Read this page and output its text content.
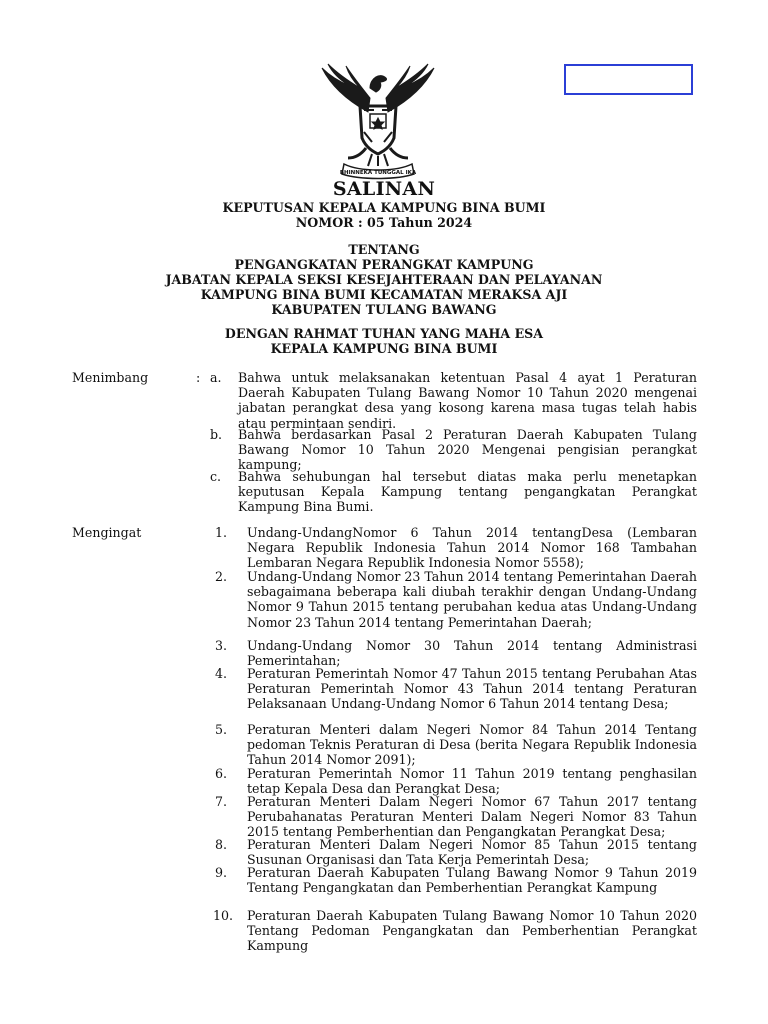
BHINNEKA TUNGGAL IKA
SALINAN
KEPUTUSAN KEPALA KAMPUNG BINA BUMI
NOMOR : 05 Tahun 2024
TENTANG
PENGANGKATAN PERANGKAT KAMPUNG
JABATAN KEPALA SEKSI KESEJAHTERAAN DAN PELAYANAN
KAMPUNG BINA BUMI KECAMATAN MERAKSA AJI
KABUPATEN TULANG BAWANG
DENGAN RAHMAT TUHAN YANG MAHA ESA
KEPALA KAMPUNG BINA BUMI
Menimbang	: a. Bahwa untuk melaksanakan ketentuan Pasal 4 ayat 1 Peraturan Daerah Kabupaten Tulang Bawang Nomor 10 Tahun 2020 mengenai jabatan perangkat desa yang kosong karena masa tugas telah habis atau permintaan sendiri.
b. Bahwa berdasarkan Pasal 2 Peraturan Daerah Kabupaten Tulang Bawang Nomor 10 Tahun 2020 Mengenai pengisian perangkat kampung;
c. Bahwa sehubungan hal tersebut diatas maka perlu menetapkan keputusan Kepala Kampung tentang pengangkatan Perangkat Kampung Bina Bumi.
Mengingat	1. Undang-UndangNomor 6 Tahun 2014 tentangDesa (Lembaran Negara Republik Indonesia Tahun 2014 Nomor 168 Tambahan Lembaran Negara Republik Indonesia Nomor 5558);
2. Undang-Undang Nomor 23 Tahun 2014 tentang Pemerintahan Daerah sebagaimana beberapa kali diubah terakhir dengan Undang-Undang Nomor 9 Tahun 2015 tentang perubahan kedua atas Undang-Undang Nomor 23 Tahun 2014 tentang Pemerintahan Daerah;
3. Undang-Undang Nomor 30 Tahun 2014 tentang Administrasi Pemerintahan;
4. Peraturan Pemerintah Nomor 47 Tahun 2015 tentang Perubahan Atas Peraturan Pemerintah Nomor 43 Tahun 2014 tentang Peraturan Pelaksanaan Undang-Undang Nomor 6 Tahun 2014 tentang Desa;
5. Peraturan Menteri dalam Negeri Nomor 84 Tahun 2014 Tentang pedoman Teknis Peraturan di Desa (berita Negara Republik Indonesia Tahun 2014 Nomor 2091);
6. Peraturan Pemerintah Nomor 11 Tahun 2019 tentang penghasilan tetap Kepala Desa dan Perangkat Desa;
7. Peraturan Menteri Dalam Negeri Nomor 67 Tahun 2017 tentang Perubahanatas Peraturan Menteri Dalam Negeri Nomor 83 Tahun 2015 tentang Pemberhentian dan Pengangkatan Perangkat Desa;
8. Peraturan Menteri Dalam Negeri Nomor 85 Tahun 2015 tentang Susunan Organisasi dan Tata Kerja Pemerintah Desa;
9. Peraturan Daerah Kabupaten Tulang Bawang Nomor 9 Tahun 2019 Tentang Pengangkatan dan Pemberhentian Perangkat Kampung
10. Peraturan Daerah Kabupaten Tulang Bawang Nomor 10 Tahun 2020 Tentang Pedoman Pengangkatan dan Pemberhentian Perangkat Kampung
